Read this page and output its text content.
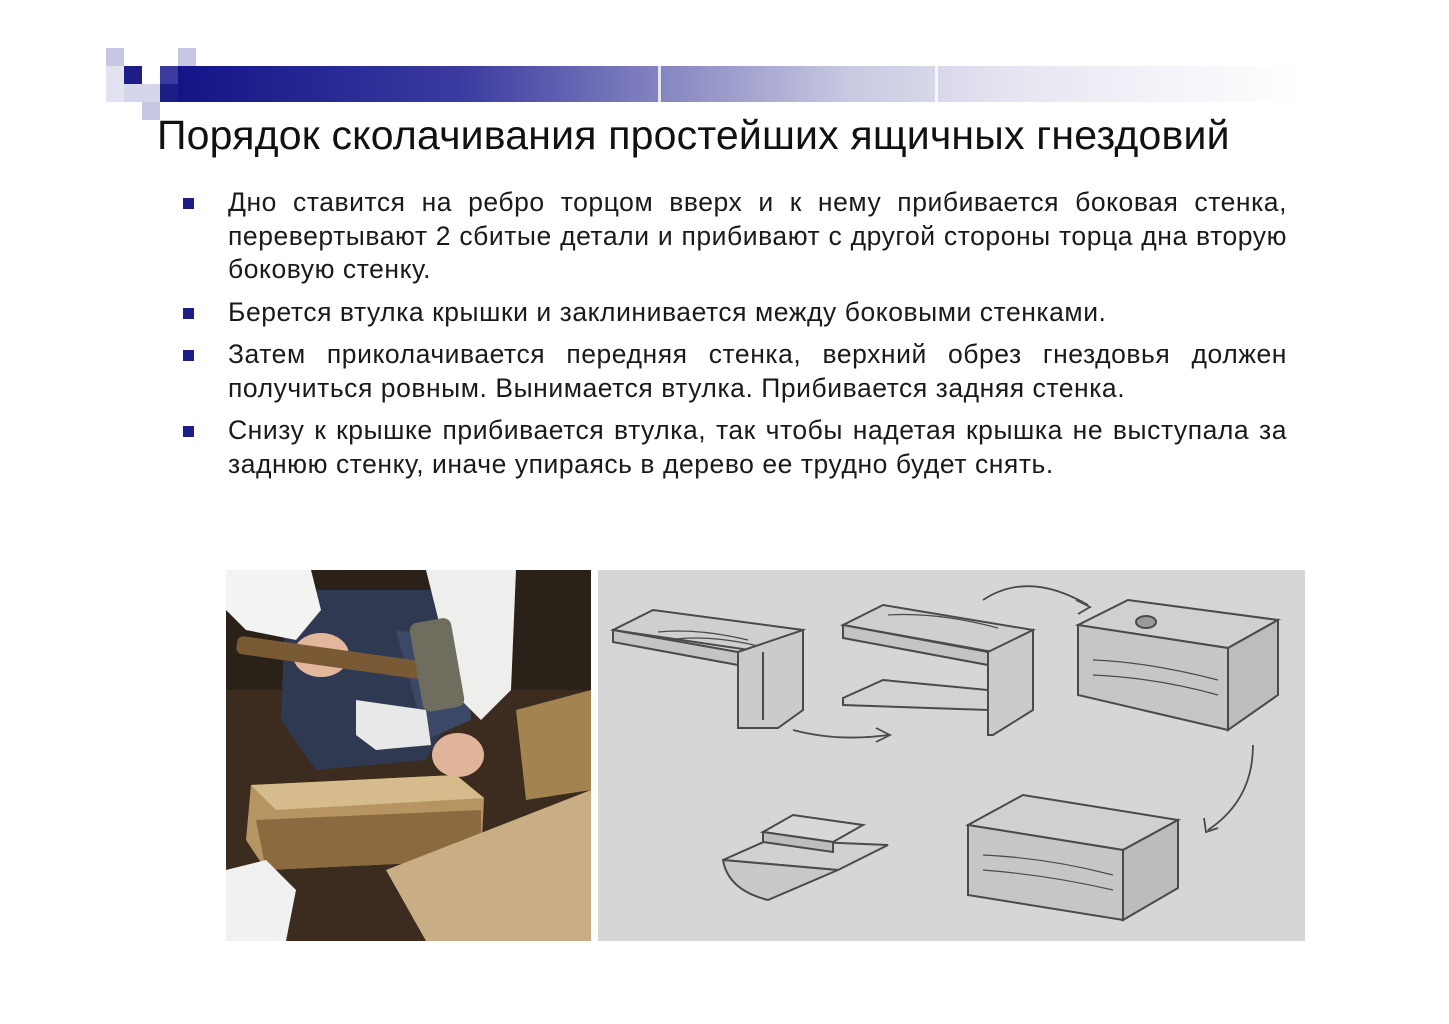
Порядок сколачивания простейших ящичных гнездовий
Дно ставится на ребро торцом вверх и к нему прибивается боковая стенка, перевертывают 2 сбитые детали и прибивают с другой стороны торца дна вторую боковую стенку.
Берется втулка крышки и заклинивается между боковыми стенками.
Затем приколачивается передняя стенка, верхний обрез гнездовья должен получиться ровным. Вынимается втулка. Прибивается задняя стенка.
Снизу к крышке прибивается втулка, так чтобы надетая крышка не выступала за заднюю стенку, иначе упираясь в дерево ее трудно будет снять.
